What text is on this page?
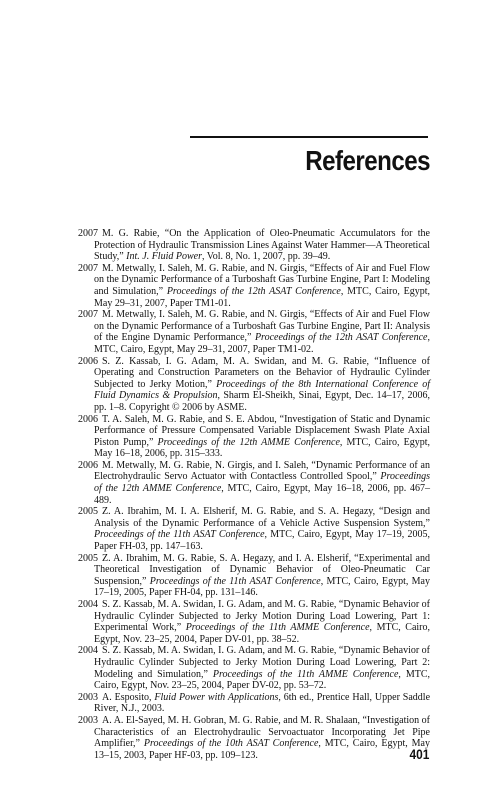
References

2007 M. G. Rabie, “On the Application of Oleo-Pneumatic Accumulators for the Protection of Hydraulic Transmission Lines Against Water Hammer—A Theoretical Study,” Int. J. Fluid Power, Vol. 8, No. 1, 2007, pp. 39–49.

2007 M. Metwally, I. Saleh, M. G. Rabie, and N. Girgis, “Effects of Air and Fuel Flow on the Dynamic Performance of a Turboshaft Gas Turbine Engine, Part I: Modeling and Simulation,” Proceedings of the 12th ASAT Conference, MTC, Cairo, Egypt, May 29–31, 2007, Paper TM1-01.

2007 M. Metwally, I. Saleh, M. G. Rabie, and N. Girgis, “Effects of Air and Fuel Flow on the Dynamic Performance of a Turboshaft Gas Turbine Engine, Part II: Analysis of the Engine Dynamic Performance,” Proceedings of the 12th ASAT Conference, MTC, Cairo, Egypt, May 29–31, 2007, Paper TM1-02.

2006 S. Z. Kassab, I. G. Adam, M. A. Swidan, and M. G. Rabie, “Influence of Operating and Construction Parameters on the Behavior of Hydraulic Cylinder Subjected to Jerky Motion,” Proceedings of the 8th International Conference of Fluid Dynamics & Propulsion, Sharm El-Sheikh, Sinai, Egypt, Dec. 14–17, 2006, pp. 1–8. Copyright © 2006 by ASME.

2006 T. A. Saleh, M. G. Rabie, and S. E. Abdou, “Investigation of Static and Dynamic Performance of Pressure Compensated Variable Displacement Swash Plate Axial Piston Pump,” Proceedings of the 12th AMME Conference, MTC, Cairo, Egypt, May 16–18, 2006, pp. 315–333.

2006 M. Metwally, M. G. Rabie, N. Girgis, and I. Saleh, “Dynamic Performance of an Electrohydraulic Servo Actuator with Contactless Controlled Spool,” Proceedings of the 12th AMME Conference, MTC, Cairo, Egypt, May 16–18, 2006, pp. 467–489.

2005 Z. A. Ibrahim, M. I. A. Elsherif, M. G. Rabie, and S. A. Hegazy, “Design and Analysis of the Dynamic Performance of a Vehicle Active Suspension System,” Proceedings of the 11th ASAT Conference, MTC, Cairo, Egypt, May 17–19, 2005, Paper FH-03, pp. 147–163.

2005 Z. A. Ibrahim, M. G. Rabie, S. A. Hegazy, and I. A. Elsherif, “Experimental and Theoretical Investigation of Dynamic Behavior of Oleo-Pneumatic Car Suspension,” Proceedings of the 11th ASAT Conference, MTC, Cairo, Egypt, May 17–19, 2005, Paper FH-04, pp. 131–146.

2004 S. Z. Kassab, M. A. Swidan, I. G. Adam, and M. G. Rabie, “Dynamic Behavior of Hydraulic Cylinder Subjected to Jerky Motion During Load Lowering, Part 1: Experimental Work,” Proceedings of the 11th AMME Conference, MTC, Cairo, Egypt, Nov. 23–25, 2004, Paper DV-01, pp. 38–52.

2004 S. Z. Kassab, M. A. Swidan, I. G. Adam, and M. G. Rabie, “Dynamic Behavior of Hydraulic Cylinder Subjected to Jerky Motion During Load Lowering, Part 2: Modeling and Simulation,” Proceedings of the 11th AMME Conference, MTC, Cairo, Egypt, Nov. 23–25, 2004, Paper DV-02, pp. 53–72.

2003 A. Esposito, Fluid Power with Applications, 6th ed., Prentice Hall, Upper Saddle River, N.J., 2003.

2003 A. A. El-Sayed, M. H. Gobran, M. G. Rabie, and M. R. Shalaan, “Investigation of Characteristics of an Electrohydraulic Servoactuator Incorporating Jet Pipe Amplifier,” Proceedings of the 10th ASAT Conference, MTC, Cairo, Egypt, May 13–15, 2003, Paper HF-03, pp. 109–123.	401
